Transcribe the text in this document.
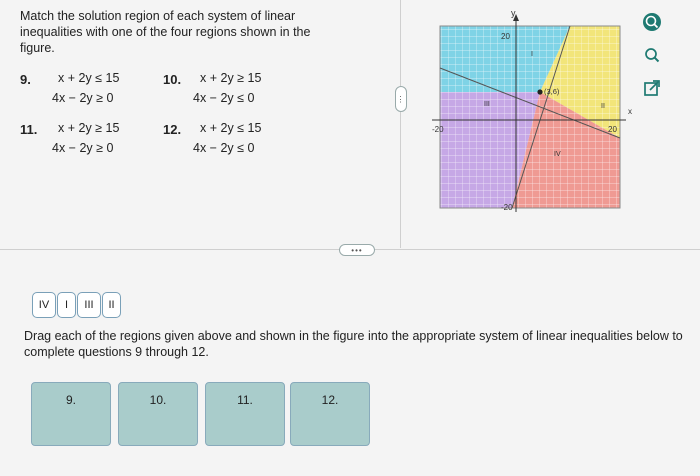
Match the solution region of each system of linear inequalities with one of the four regions shown in the figure.
9. x + 2y ≤ 15
4x − 2y ≥ 0
10. x + 2y ≥ 15
4x − 2y ≤ 0
11. x + 2y ≥ 15
4x − 2y ≥ 0
12. x + 2y ≤ 15
4x − 2y ≤ 0
⋮
•••
y
x
20
-20
-20	20
(3,6)
I
II
III
IV
IV	I	III	II
Drag each of the regions given above and shown in the figure into the appropriate system of linear inequalities below to complete questions 9 through 12.
9.	10.	11.	12.
